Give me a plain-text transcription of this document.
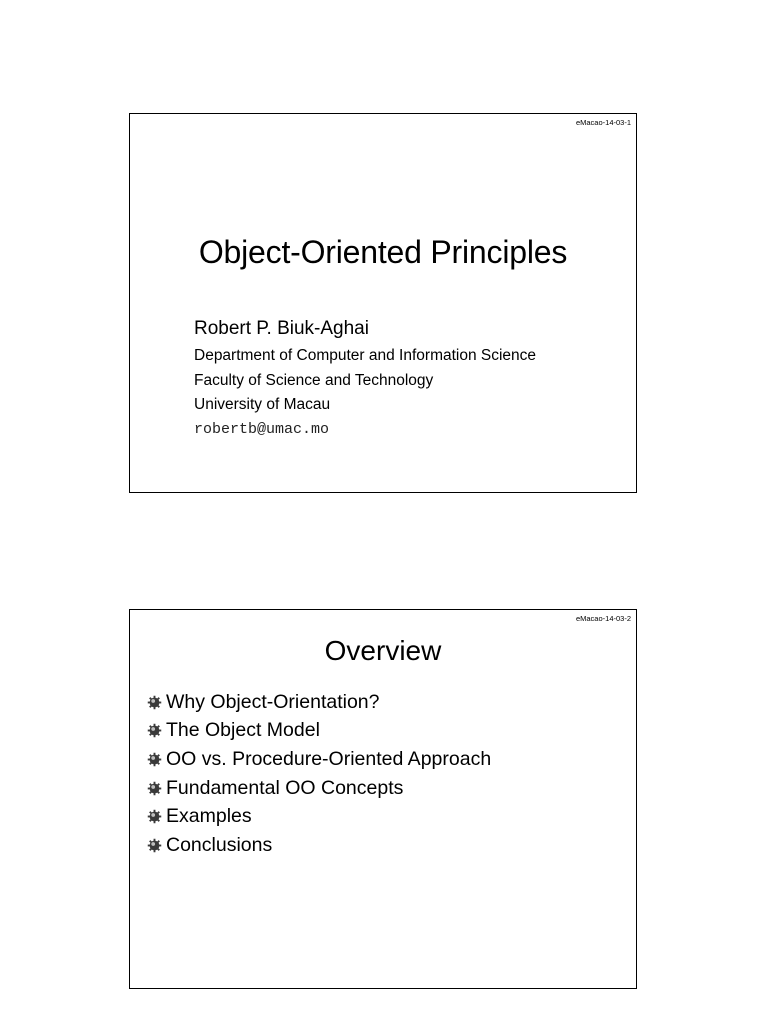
eMacao-14-03-1
Object-Oriented Principles
Robert P. Biuk-Aghai
Department of Computer and Information Science
Faculty of Science and Technology
University of Macau
robertb@umac.mo
eMacao-14-03-2
Overview
Why Object-Orientation?
The Object Model
OO vs. Procedure-Oriented Approach
Fundamental OO Concepts
Examples
Conclusions
